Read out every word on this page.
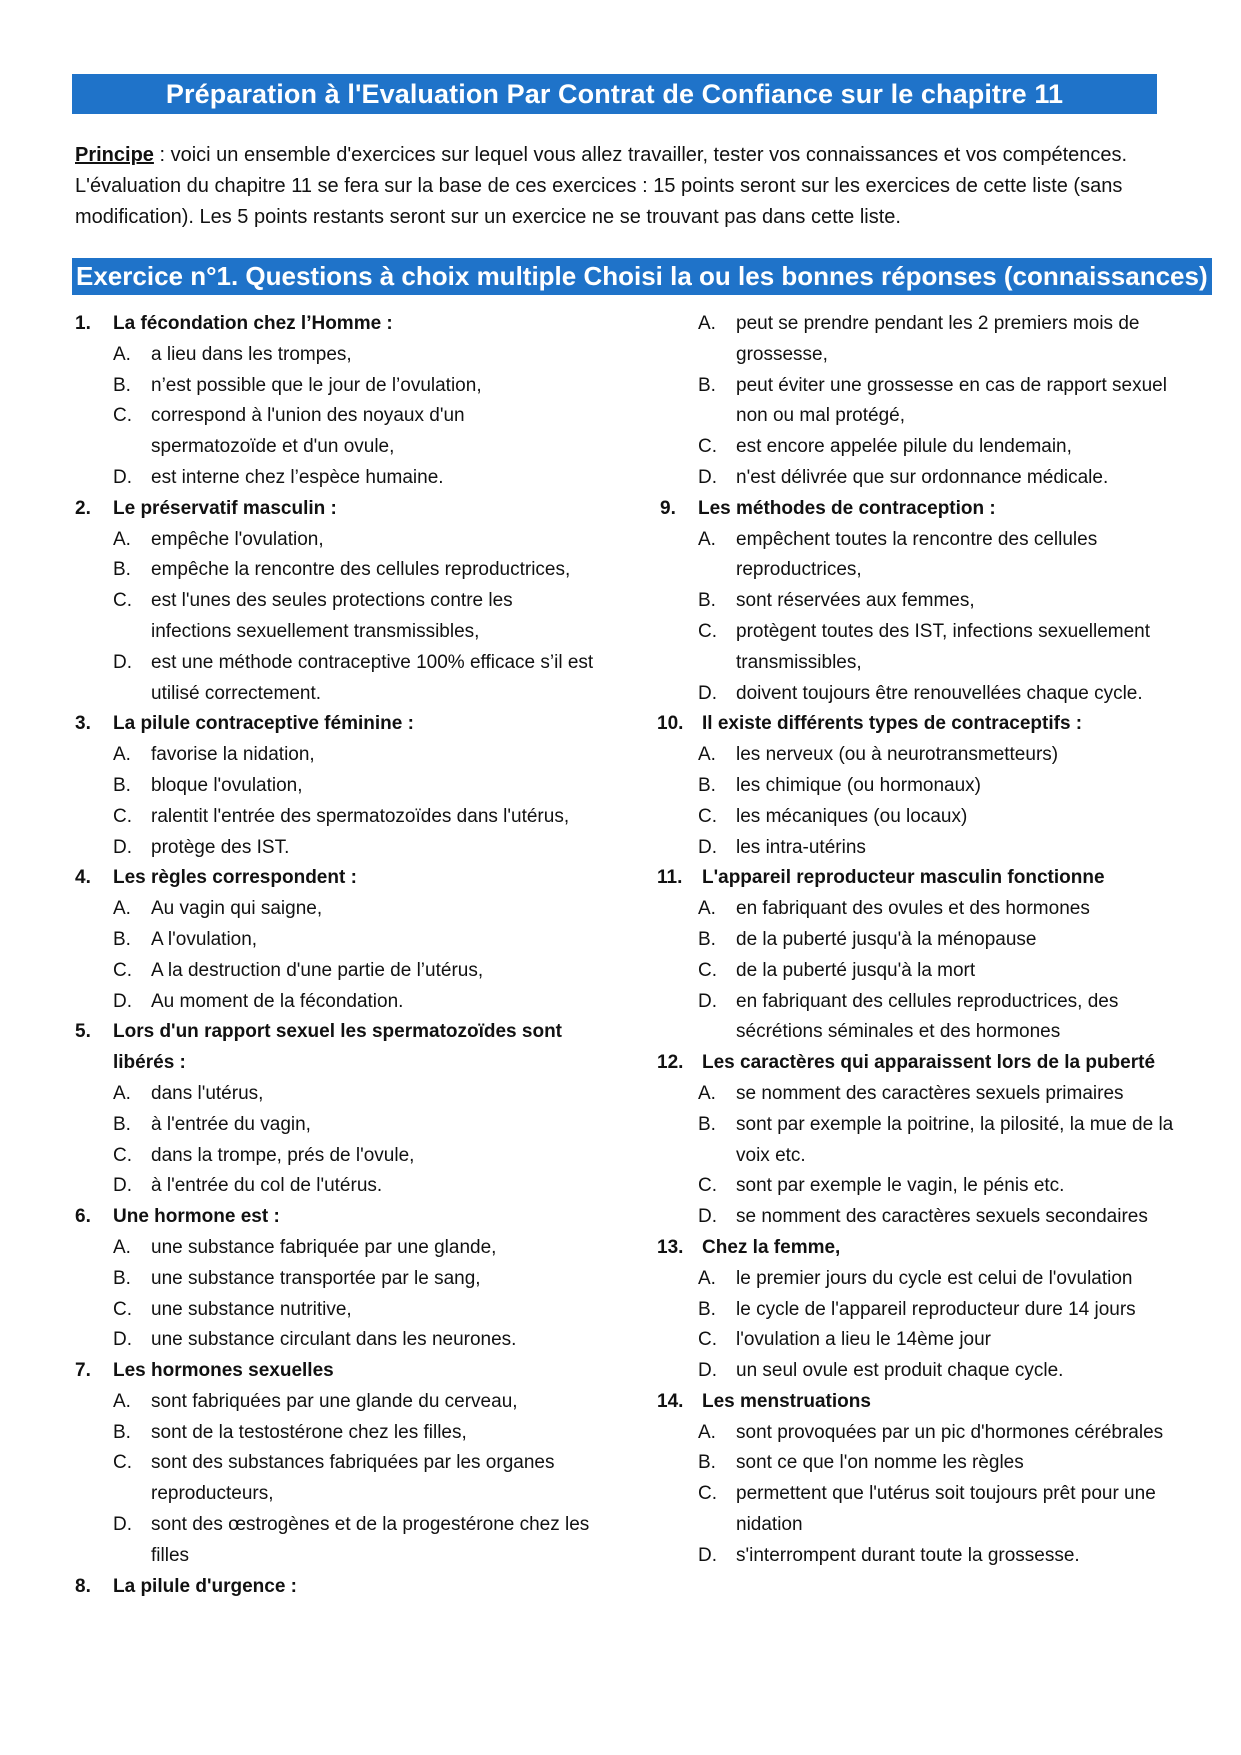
Préparation à l'Evaluation Par Contrat de Confiance sur le chapitre 11
Principe : voici un ensemble d'exercices sur lequel vous allez travailler, tester vos connaissances et vos compétences. L'évaluation du chapitre 11 se fera sur la base de ces exercices : 15 points seront sur les exercices de cette liste (sans modification). Les 5 points restants seront sur un exercice ne se trouvant pas dans cette liste.
Exercice n°1. Questions à choix multiple Choisi la ou les bonnes réponses (connaissances)
1.	La fécondation chez l’Homme :
A.	a lieu dans les trompes,
B.	n’est possible que le jour de l’ovulation,
C.	correspond à l'union des noyaux d'un spermatozoïde et d'un ovule,
D.	est interne chez l’espèce humaine.
2.	Le préservatif masculin :
A.	empêche l'ovulation,
B.	empêche la rencontre des cellules reproductrices,
C.	est l'unes des seules protections contre les infections sexuellement transmissibles,
D.	est une méthode contraceptive 100% efficace s’il est utilisé correctement.
3.	La pilule contraceptive féminine :
A.	favorise la nidation,
B.	bloque l'ovulation,
C.	ralentit l'entrée des spermatozoïdes dans l'utérus,
D.	protège des IST.
4.	Les règles correspondent :
A.	Au vagin qui saigne,
B.	A l'ovulation,
C.	A la destruction d'une partie de l’utérus,
D.	Au moment de la fécondation.
5.	Lors d'un rapport sexuel les spermatozoïdes sont libérés :
A.	dans l'utérus,
B.	à l'entrée du vagin,
C.	dans la trompe, prés de l'ovule,
D.	à l'entrée du col de l'utérus.
6.	Une hormone est :
A.	une substance fabriquée par une glande,
B.	une substance transportée par le sang,
C.	une substance nutritive,
D.	une substance circulant dans les neurones.
7.	Les hormones sexuelles
A.	sont fabriquées par une glande du cerveau,
B.	sont de la testostérone chez les filles,
C.	sont des substances fabriquées par les organes reproducteurs,
D.	sont des œstrogènes et de la progestérone chez les filles
8.	La pilule d'urgence :
A.	peut se prendre pendant les 2 premiers mois de grossesse,
B.	peut éviter une grossesse en cas de rapport sexuel non ou mal protégé,
C.	est encore appelée pilule du lendemain,
D.	n'est délivrée que sur ordonnance médicale.
9.	Les méthodes de contraception :
A.	empêchent toutes la rencontre des cellules reproductrices,
B.	sont réservées aux femmes,
C.	protègent toutes des IST, infections sexuellement transmissibles,
D.	doivent toujours être renouvellées chaque cycle.
10. Il existe différents types de contraceptifs :
A.	les nerveux (ou à neurotransmetteurs)
B.	les chimique (ou hormonaux)
C.	les mécaniques (ou locaux)
D.	les intra-utérins
11.	L'appareil reproducteur masculin fonctionne
A.	en fabriquant des ovules et des hormones
B.	de la puberté jusqu'à la ménopause
C.	de la puberté jusqu'à la mort
D.	en fabriquant des cellules reproductrices, des sécrétions séminales et des hormones
12. Les caractères qui apparaissent lors de la puberté
A.	se nomment des caractères sexuels primaires
B.	sont par exemple la poitrine, la pilosité, la mue de la voix etc.
C.	sont par exemple le vagin, le pénis etc.
D.	se nomment des caractères sexuels secondaires
13. Chez la femme,
A.	le premier jours du cycle est celui de l'ovulation
B.	le cycle de l'appareil reproducteur dure 14 jours
C.	l'ovulation a lieu le 14ème jour
D.	un seul ovule est produit chaque cycle.
14. Les menstruations
A.	sont provoquées par un pic d'hormones cérébrales
B.	sont ce que l'on nomme les règles
C.	permettent que l'utérus soit toujours prêt pour une nidation
D.	s'interrompent durant toute la grossesse.
